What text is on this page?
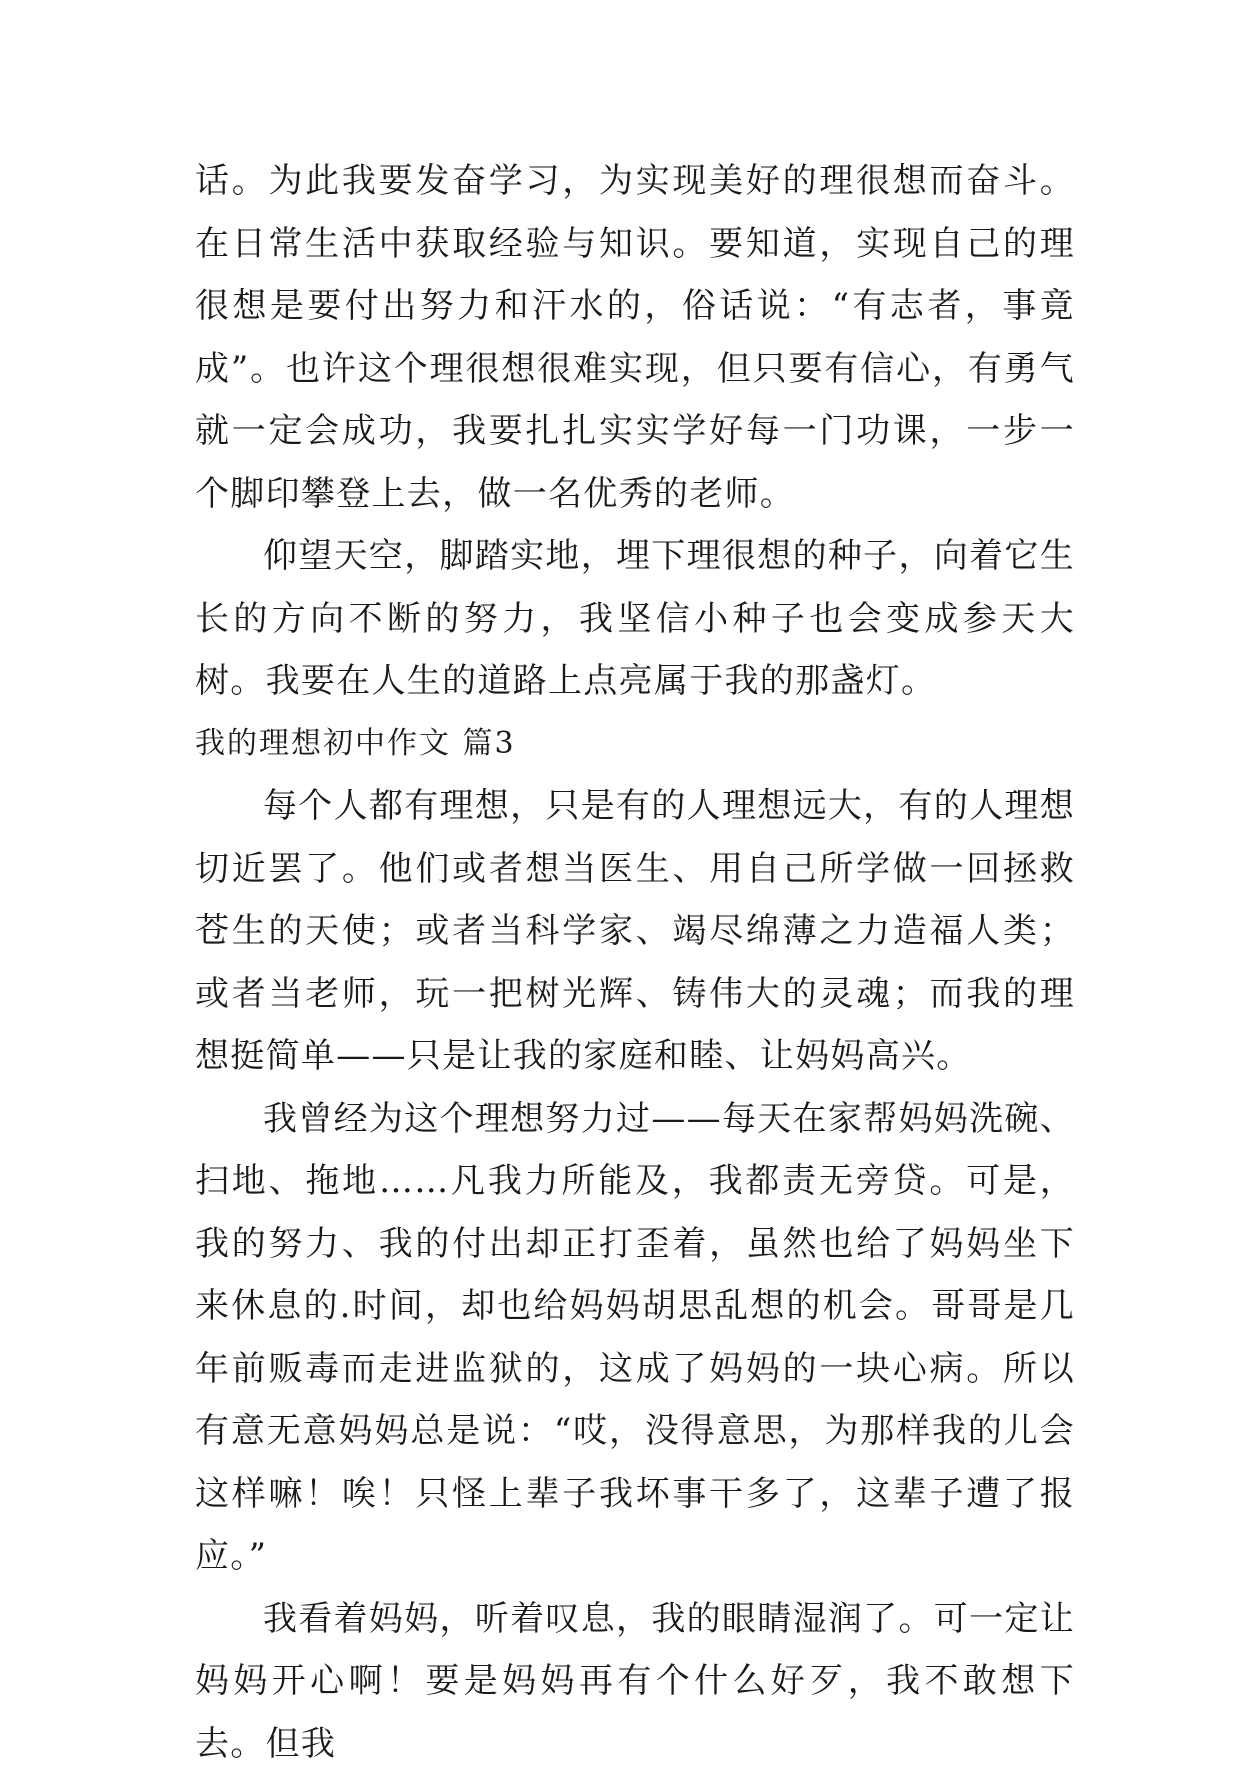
话。为此我要发奋学习，为实现美好的理很想而奋斗。在日常生活中获取经验与知识。要知道，实现自己的理很想是要付出努力和汗水的，俗话说：“有志者，事竟成”。也许这个理很想很难实现，但只要有信心，有勇气就一定会成功，我要扎扎实实学好每一门功课，一步一个脚印攀登上去，做一名优秀的老师。

仰望天空，脚踏实地，埋下理很想的种子，向着它生长的方向不断的努力，我坚信小种子也会变成参天大树。我要在人生的道路上点亮属于我的那盏灯。

我的理想初中作文 篇3

每个人都有理想，只是有的人理想远大，有的人理想切近罢了。他们或者想当医生、用自己所学做一回拯救苍生的天使；或者当科学家、竭尽绵薄之力造福人类；或者当老师，玩一把树光辉、铸伟大的灵魂；而我的理想挺简单——只是让我的家庭和睦、让妈妈高兴。

我曾经为这个理想努力过——每天在家帮妈妈洗碗、扫地、拖地……凡我力所能及，我都责无旁贷。可是，我的努力、我的付出却正打歪着，虽然也给了妈妈坐下来休息的.时间，却也给妈妈胡思乱想的机会。哥哥是几年前贩毒而走进监狱的，这成了妈妈的一块心病。所以有意无意妈妈总是说：“哎，没得意思，为那样我的儿会这样嘛！唉！只怪上辈子我坏事干多了，这辈子遭了报应。”

我看着妈妈，听着叹息，我的眼睛湿润了。可一定让妈妈开心啊！要是妈妈再有个什么好歹，我不敢想下去。但我
